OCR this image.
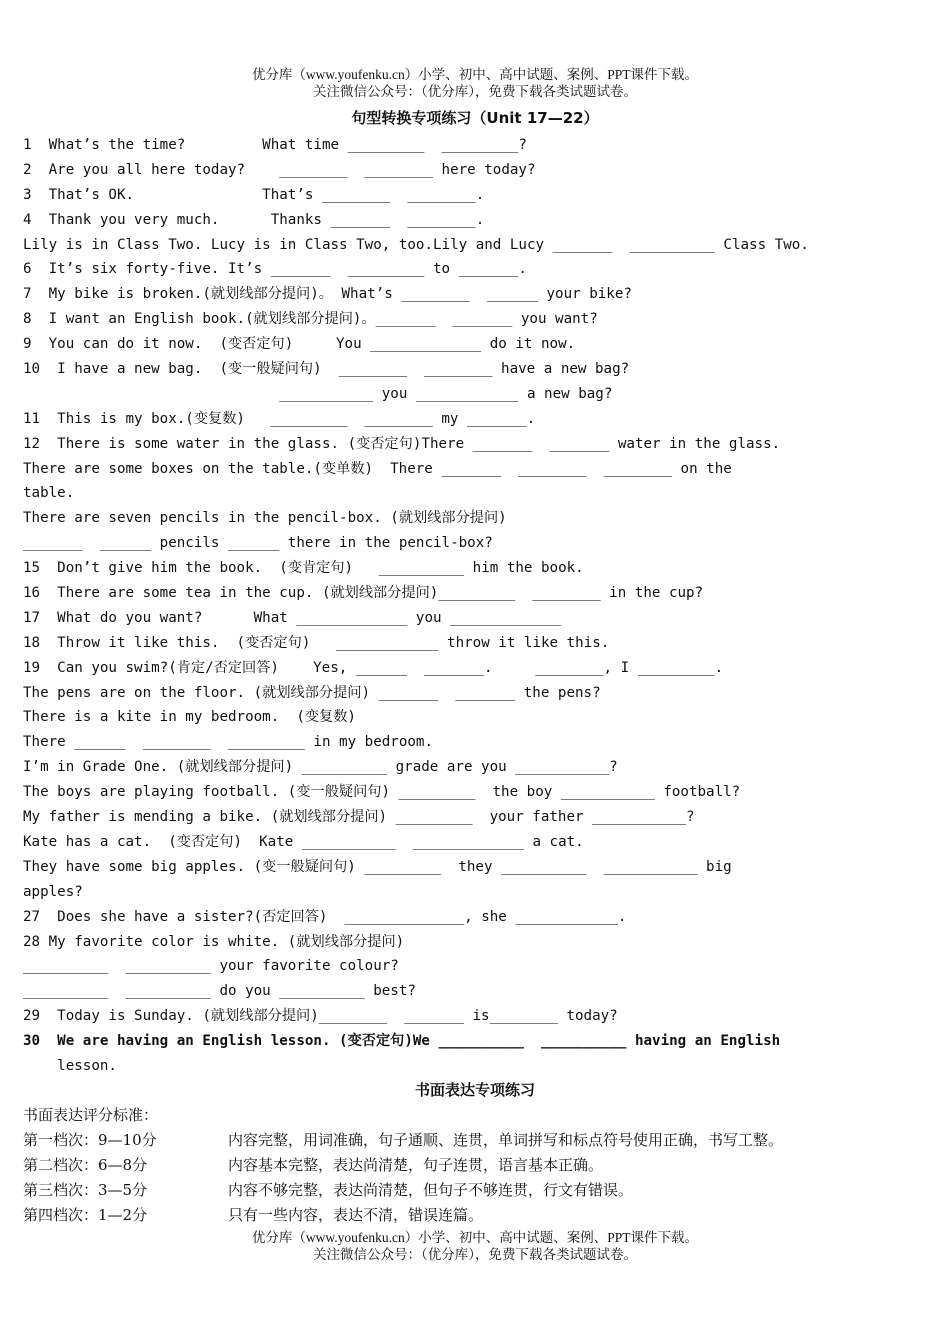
优分库（www.youfenku.cn）小学、初中、高中试题、案例、PPT课件下载。
关注微信公众号：（优分库），免费下载各类试题试卷。
句型转换专项练习（Unit 17—22）
1  What’s the time?         What time _________  _________?
2  Are you all here today?    ________  ________ here today?
3  That’s OK.               That’s ________  ________.
4  Thank you very much.      Thanks _______  ________.
Lily is in Class Two. Lucy is in Class Two, too.Lily and Lucy _______  __________ Class Two.
6  It’s six forty-five. It’s _______  _________ to _______.
7  My bike is broken.(就划线部分提问)。 What’s ________  ______ your bike?
8  I want an English book.(就划线部分提问)。_______  _______ you want?
9  You can do it now.  (变否定句)     You _____________ do it now.
10  I have a new bag.  (变一般疑问句)  ________  ________ have a new bag?
___________ you ____________ a new bag?
11  This is my box.(变复数)   _________  ________ my _______.
12  There is some water in the glass. (变否定句)There _______  _______ water in the glass.
There are some boxes on the table.(变单数)  There _______  ________  ________ on the
table.
There are seven pencils in the pencil-box. (就划线部分提问)
_______  ______ pencils ______ there in the pencil-box?
15  Don’t give him the book.  (变肯定句)   __________ him the book.
16  There are some tea in the cup. (就划线部分提问)_________  ________ in the cup?
17  What do you want?      What _____________ you _____________
18  Throw it like this.  (变否定句)   ____________ throw it like this.
19  Can you swim?(肯定/否定回答)    Yes, ______  _______.     ________, I _________.
The pens are on the floor. (就划线部分提问) _______  _______ the pens?
There is a kite in my bedroom.  (变复数)
There ______  ________  _________ in my bedroom.
I’m in Grade One. (就划线部分提问) __________ grade are you ___________?
The boys are playing football. (变一般疑问句) _________  the boy ___________ football?
My father is mending a bike. (就划线部分提问) _________  your father ___________?
Kate has a cat.  (变否定句)  Kate ___________  _____________ a cat.
They have some big apples. (变一般疑问句) _________  they __________  ___________ big
apples?
27  Does she have a sister?(否定回答)  ______________, she ____________.
28 My favorite color is white. (就划线部分提问)
__________  __________ your favorite colour?
__________  __________ do you __________ best?
29  Today is Sunday. (就划线部分提问)________  _______ is________ today?
30  We are having an English lesson. (变否定句)We __________  __________ having an English
lesson.
书面表达专项练习
书面表达评分标准：
第一档次：9—10分	内容完整，用词准确，句子通顺、连贯，单词拼写和标点符号使用正确，书写工整。
第二档次：6—8分	内容基本完整，表达尚清楚，句子连贯，语言基本正确。
第三档次：3—5分	内容不够完整，表达尚清楚，但句子不够连贯，行文有错误。
第四档次：1—2分	只有一些内容，表达不清，错误连篇。
优分库（www.youfenku.cn）小学、初中、高中试题、案例、PPT课件下载。
关注微信公众号：（优分库），免费下载各类试题试卷。
